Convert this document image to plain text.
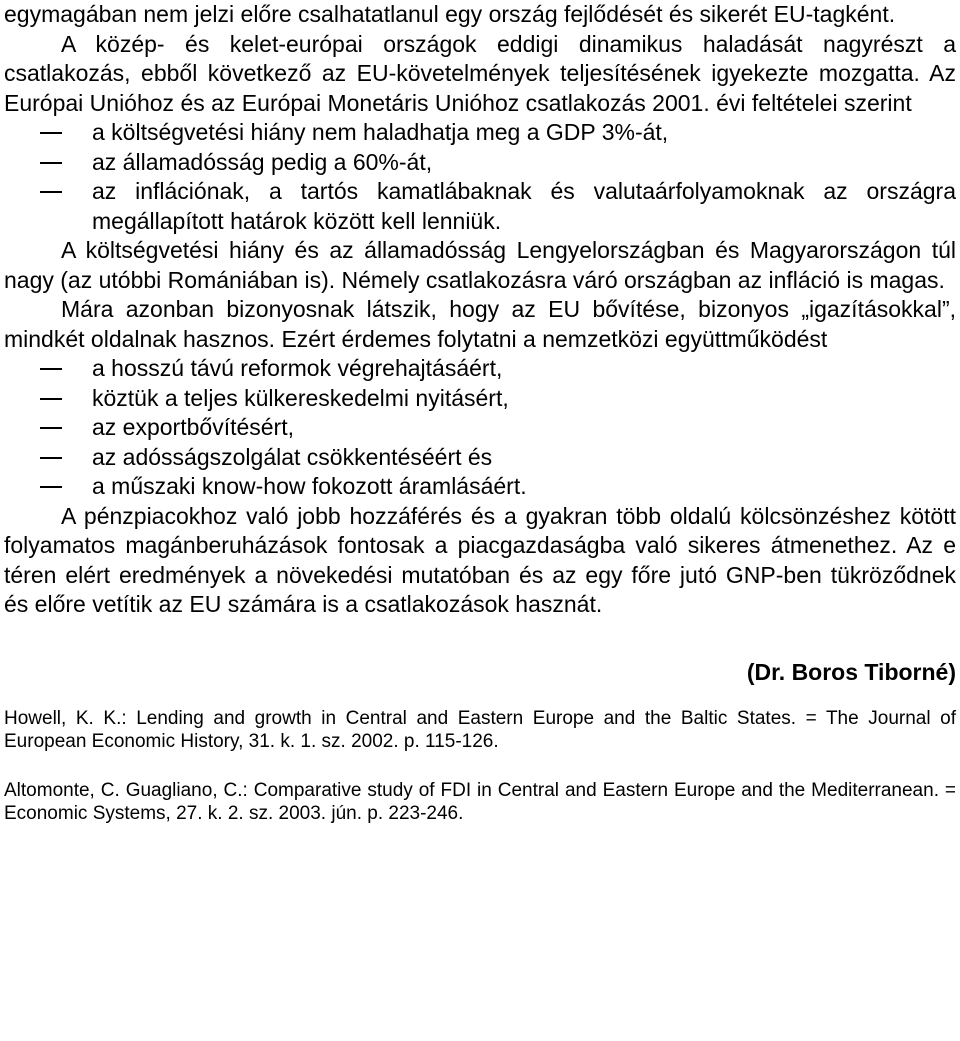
egymagában nem jelzi előre csalhatatlanul egy ország fejlődését és sikerét EU-tagként.

A közép- és kelet-európai országok eddigi dinamikus haladását nagyrészt a csatlakozás, ebből következő az EU-követelmények teljesítésének igyekezte mozgatta. Az Európai Unióhoz és az Európai Monetáris Unióhoz csatlakozás 2001. évi feltételei szerint

a költségvetési hiány nem haladhatja meg a GDP 3%-át,
az államadósság pedig a 60%-át,
az inflációnak, a tartós kamatlábaknak és valutaárfolyamoknak az országra megállapított határok között kell lenniük.

A költségvetési hiány és az államadósság Lengyelországban és Magyarországon túl nagy (az utóbbi Romániában is). Némely csatlakozásra váró országban az infláció is magas.

Mára azonban bizonyosnak látszik, hogy az EU bővítése, bizonyos „igazításokkal”, mindkét oldalnak hasznos. Ezért érdemes folytatni a nemzetközi együttműködést

a hosszú távú reformok végrehajtásáért,
köztük a teljes külkereskedelmi nyitásért,
az exportbővítésért,
az adósságszolgálat csökkentéséért és
a műszaki know-how fokozott áramlásáért.

A pénzpiacokhoz való jobb hozzáférés és a gyakran több oldalú kölcsönzéshez kötött folyamatos magánberuházások fontosak a piacgazdaságba való sikeres átmenethez. Az e téren elért eredmények a növekedési mutatóban és az egy főre jutó GNP-ben tükröződnek és előre vetítik az EU számára is a csatlakozások hasznát.

(Dr. Boros Tiborné)

Howell, K. K.: Lending and growth in Central and Eastern Europe and the Baltic States. = The Journal of European Economic History, 31. k. 1. sz. 2002. p. 115-126.

Altomonte, C. Guagliano, C.: Comparative study of FDI in Central and Eastern Europe and the Mediterranean. = Economic Systems, 27. k. 2. sz. 2003. jún. p. 223-246.
